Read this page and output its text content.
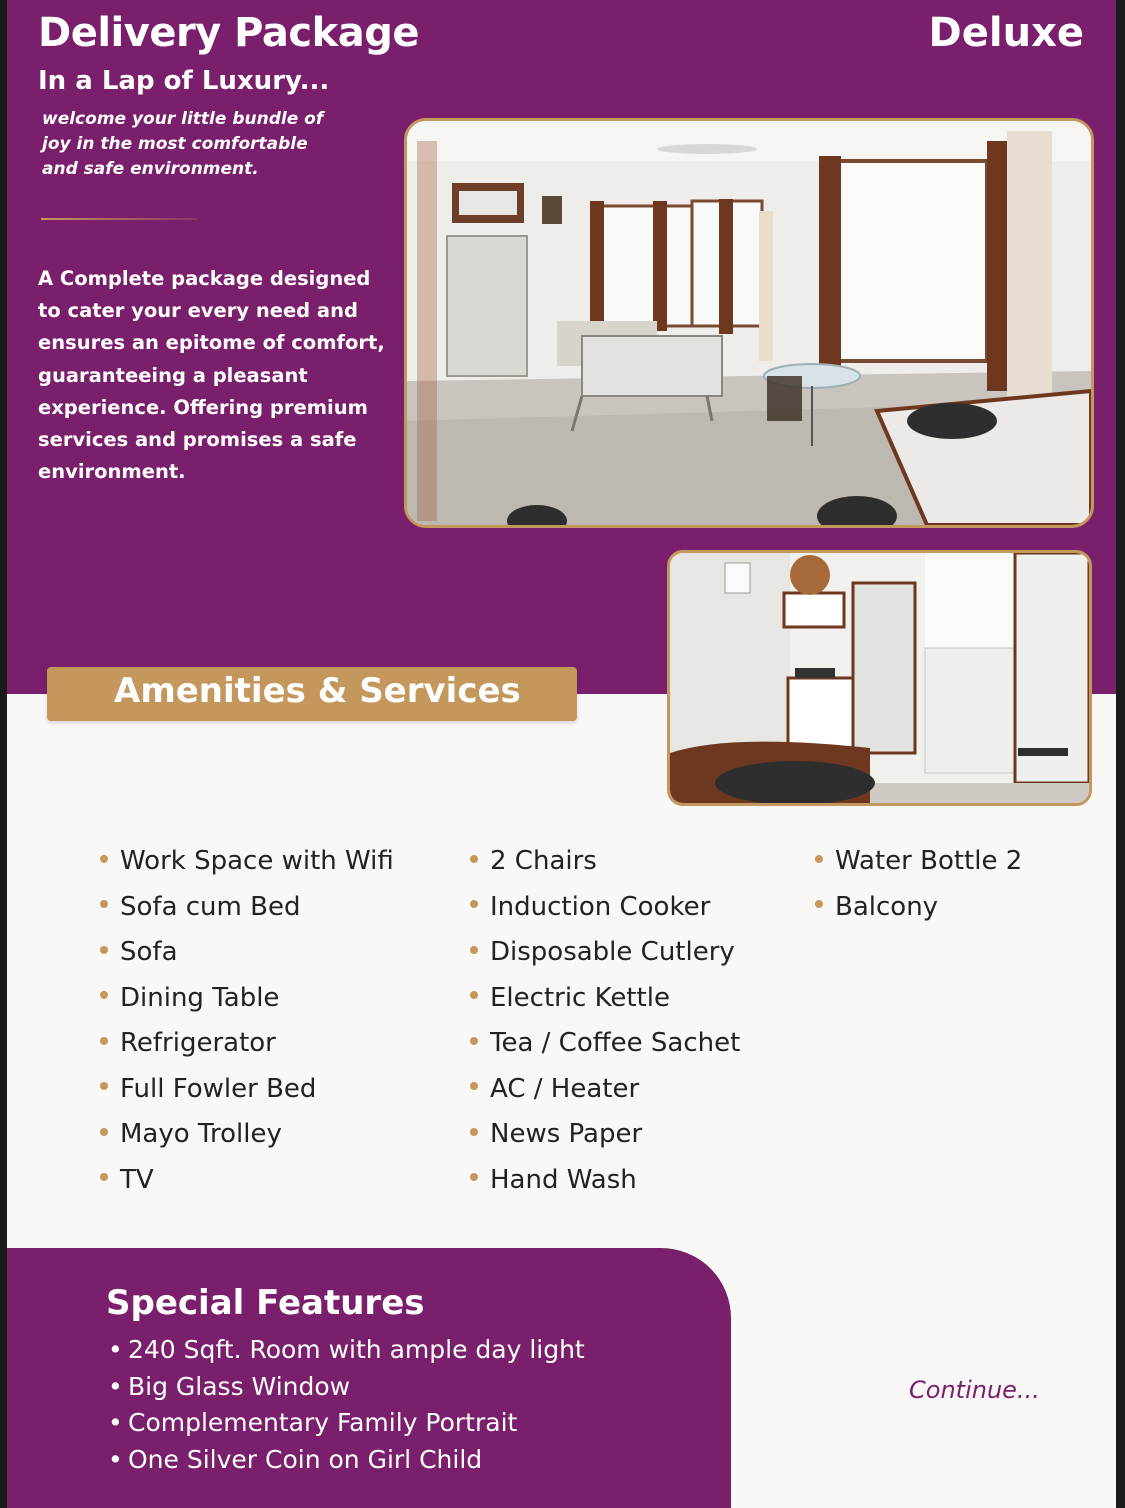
Delivery Package	Deluxe
In a Lap of Luxury...
welcome your little bundle of joy in the most comfortable and safe environment.
A Complete package designed to cater your every need and ensures an epitome of comfort, guaranteeing a pleasant experience. Offering premium services and promises a safe environment.
Amenities & Services
Work Space with Wifi
Sofa cum Bed
Sofa
Dining Table
Refrigerator
Full Fowler Bed
Mayo Trolley
TV
2 Chairs
Induction Cooker
Disposable Cutlery
Electric Kettle
Tea / Coffee Sachet
AC / Heater
News Paper
Hand Wash
Water Bottle 2
Balcony
Special Features
• 240 Sqft. Room with ample day light
• Big Glass Window
• Complementary Family Portrait
• One Silver Coin on Girl Child
Continue...
